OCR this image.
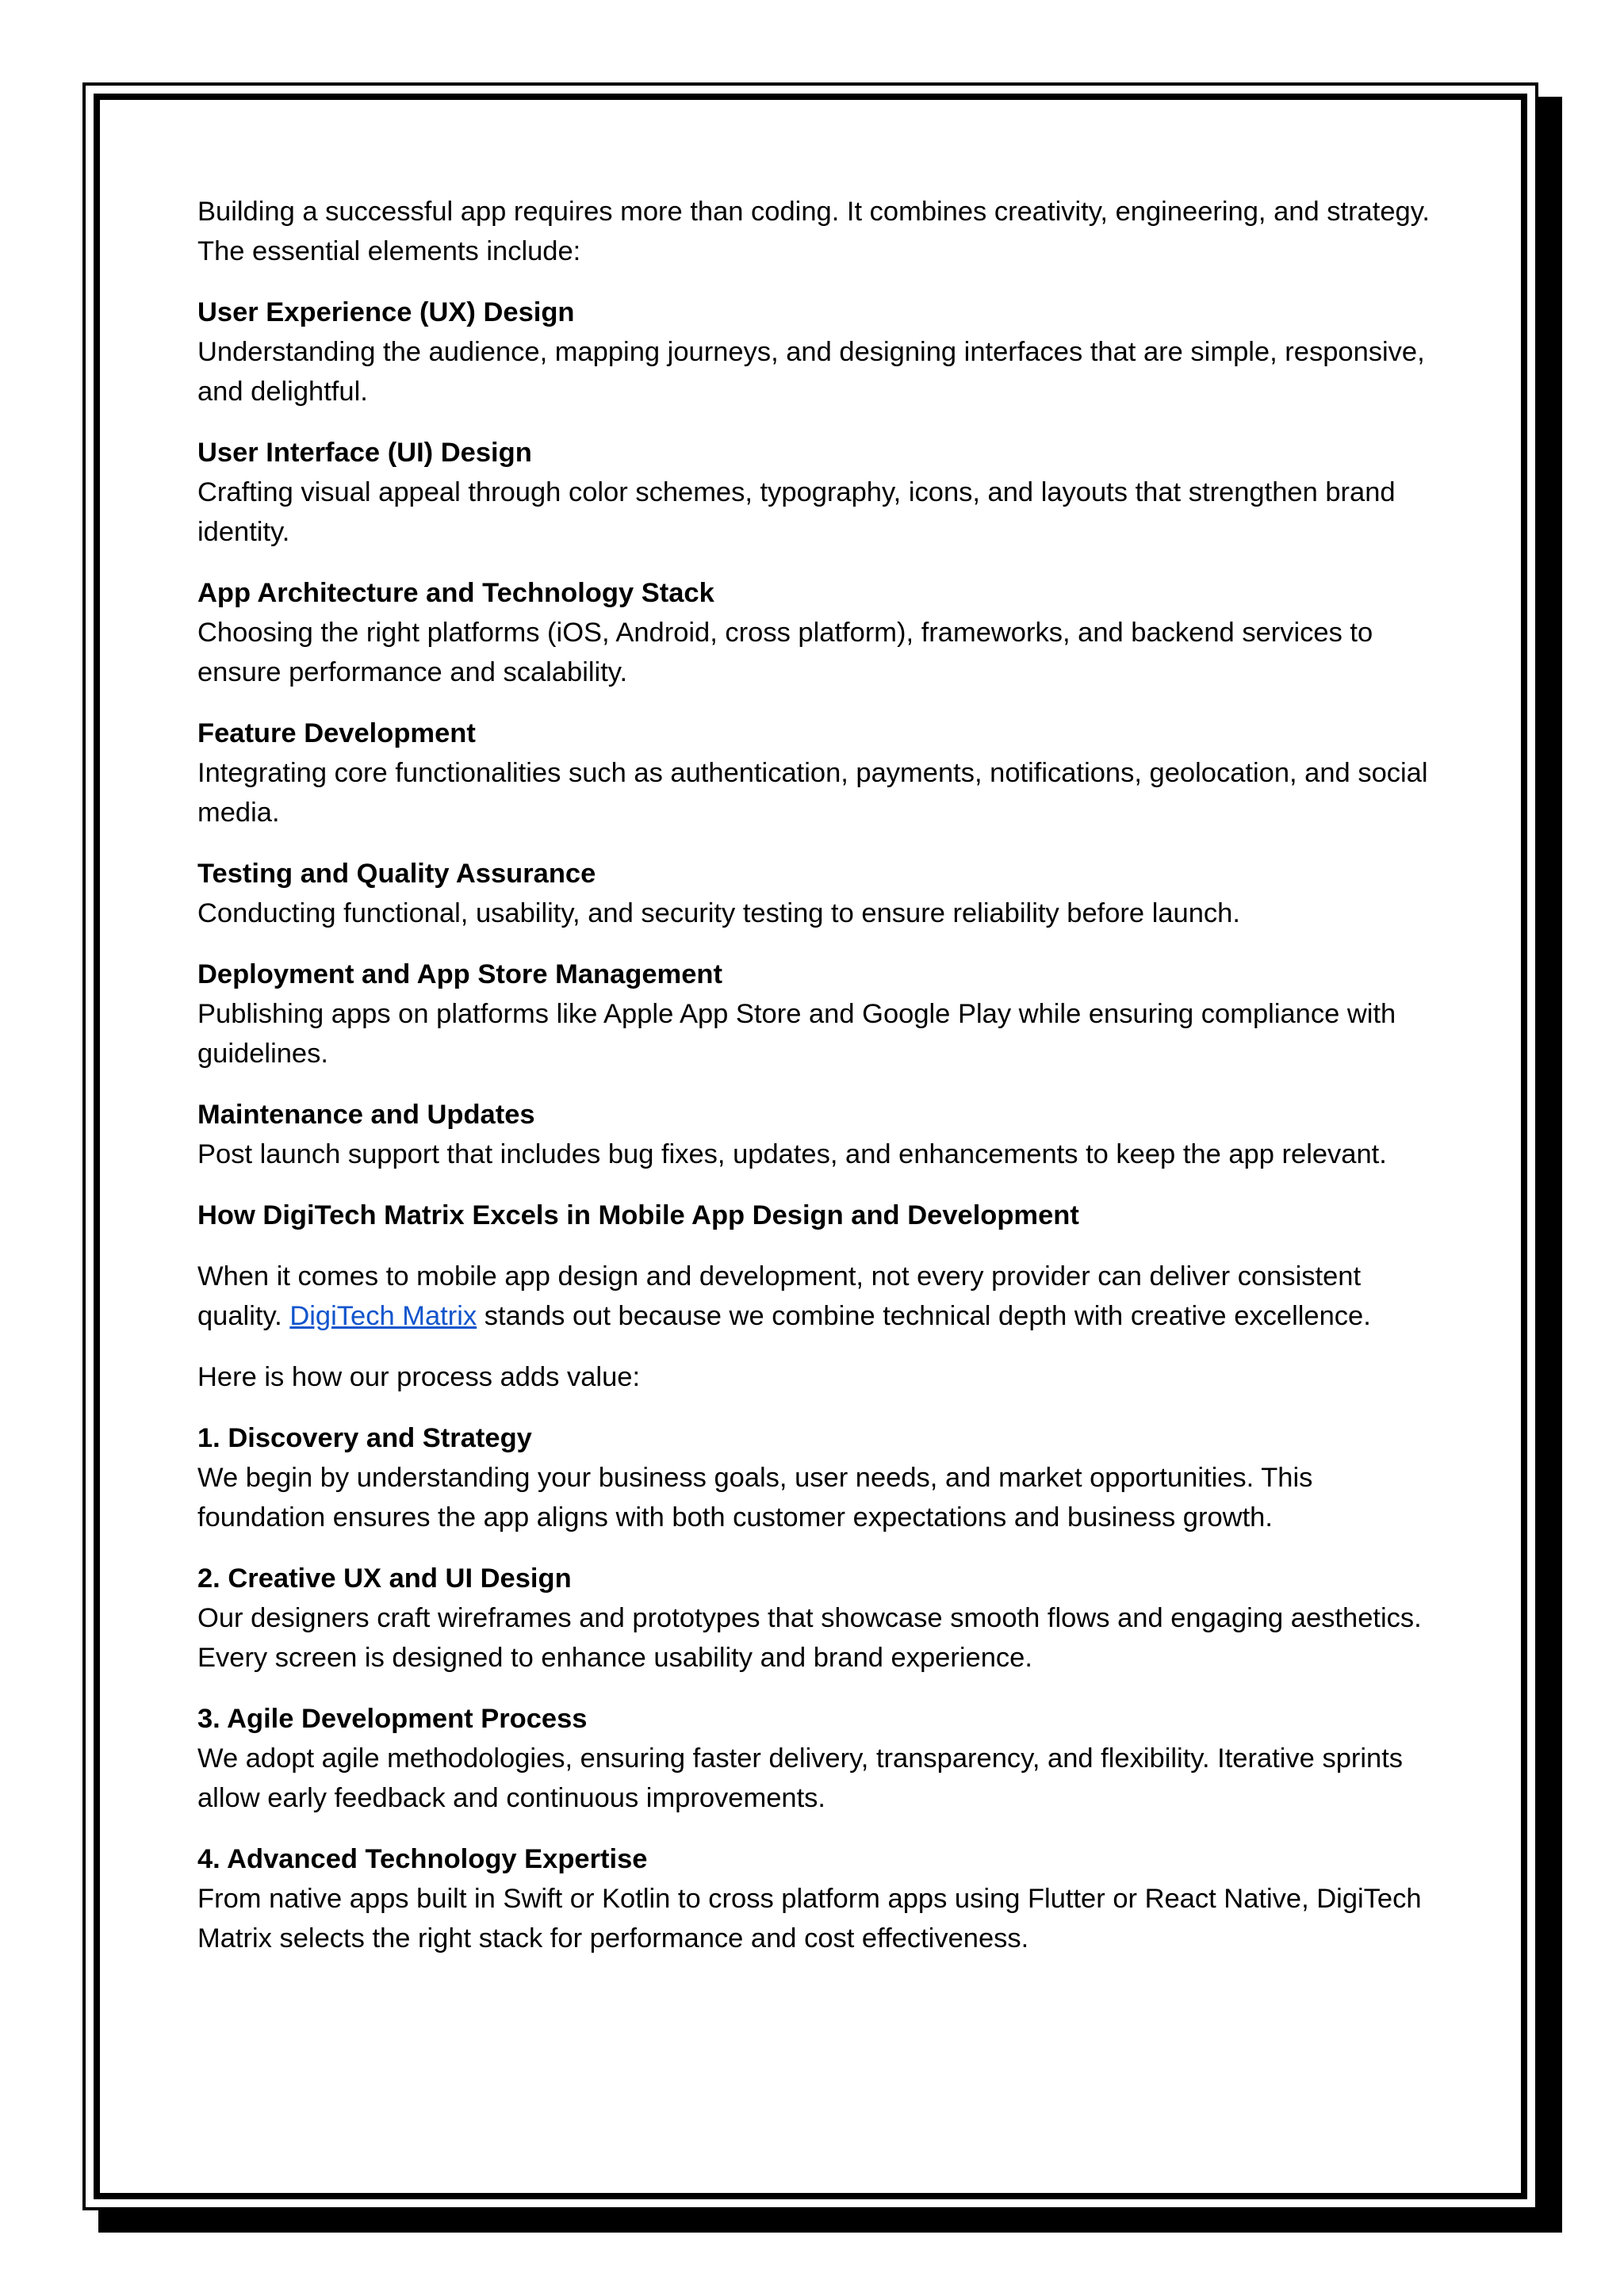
Building a successful app requires more than coding. It combines creativity, engineering, and strategy. The essential elements include:

User Experience (UX) Design
Understanding the audience, mapping journeys, and designing interfaces that are simple, responsive, and delightful.
User Interface (UI) Design
Crafting visual appeal through color schemes, typography, icons, and layouts that strengthen brand identity.
App Architecture and Technology Stack
Choosing the right platforms (iOS, Android, cross platform), frameworks, and backend services to ensure performance and scalability.
Feature Development
Integrating core functionalities such as authentication, payments, notifications, geolocation, and social media.
Testing and Quality Assurance
Conducting functional, usability, and security testing to ensure reliability before launch.
Deployment and App Store Management
Publishing apps on platforms like Apple App Store and Google Play while ensuring compliance with guidelines.
Maintenance and Updates
Post launch support that includes bug fixes, updates, and enhancements to keep the app relevant.

How DigiTech Matrix Excels in Mobile App Design and Development

When it comes to mobile app design and development, not every provider can deliver consistent quality. DigiTech Matrix stands out because we combine technical depth with creative excellence.

Here is how our process adds value:

1. Discovery and Strategy
We begin by understanding your business goals, user needs, and market opportunities. This foundation ensures the app aligns with both customer expectations and business growth.
2. Creative UX and UI Design
Our designers craft wireframes and prototypes that showcase smooth flows and engaging aesthetics. Every screen is designed to enhance usability and brand experience.
3. Agile Development Process
We adopt agile methodologies, ensuring faster delivery, transparency, and flexibility. Iterative sprints allow early feedback and continuous improvements.
4. Advanced Technology Expertise
From native apps built in Swift or Kotlin to cross platform apps using Flutter or React Native, DigiTech Matrix selects the right stack for performance and cost effectiveness.
